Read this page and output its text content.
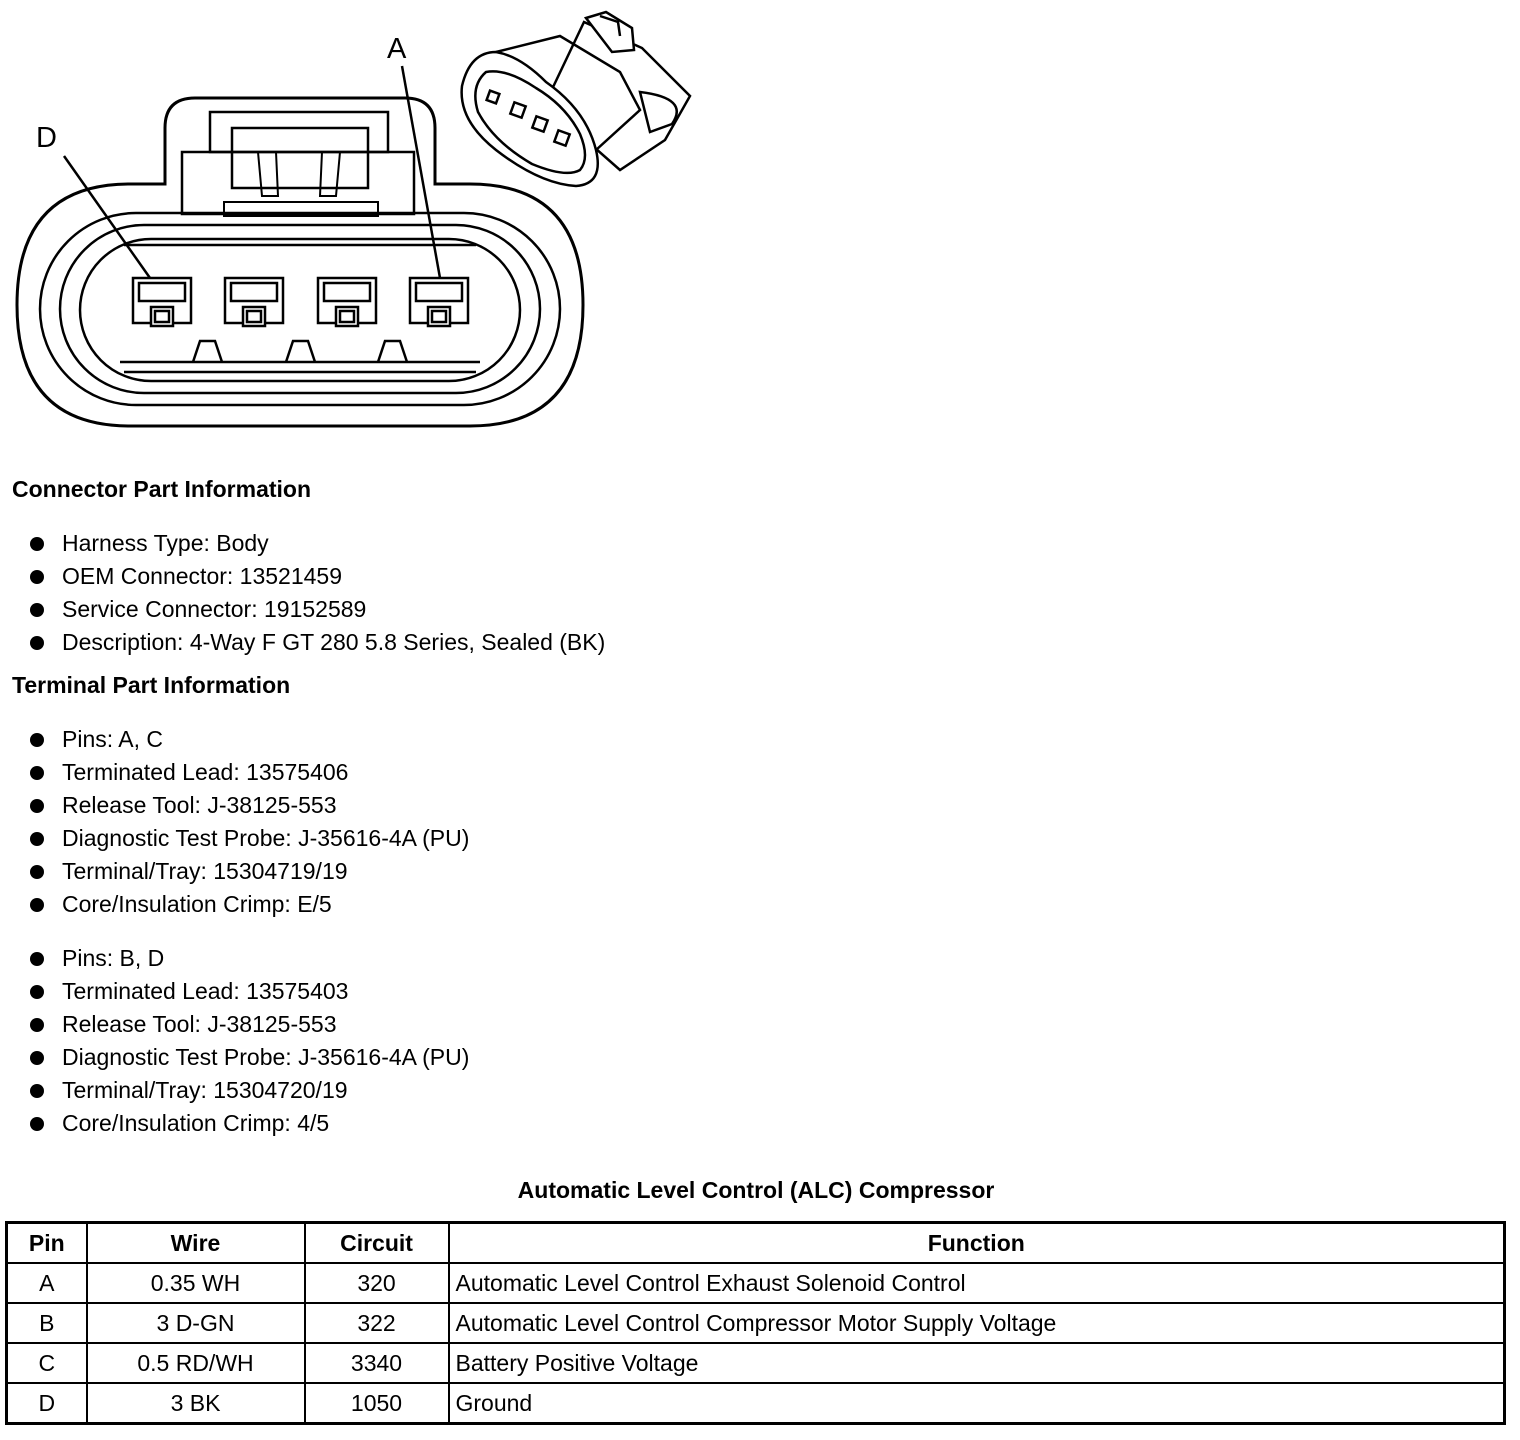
D
A
Connector Part Information
Harness Type: Body
OEM Connector: 13521459
Service Connector: 19152589
Description: 4-Way F GT 280 5.8 Series, Sealed (BK)
Terminal Part Information
Pins: A, C
Terminated Lead: 13575406
Release Tool: J-38125-553
Diagnostic Test Probe: J-35616-4A (PU)
Terminal/Tray: 15304719/19
Core/Insulation Crimp: E/5
Pins: B, D
Terminated Lead: 13575403
Release Tool: J-38125-553
Diagnostic Test Probe: J-35616-4A (PU)
Terminal/Tray: 15304720/19
Core/Insulation Crimp: 4/5
Automatic Level Control (ALC) Compressor
Pin	Wire	Circuit	Function
A	0.35 WH	320	Automatic Level Control Exhaust Solenoid Control
B	3 D-GN	322	Automatic Level Control Compressor Motor Supply Voltage
C	0.5 RD/WH	3340	Battery Positive Voltage
D	3 BK	1050	Ground
